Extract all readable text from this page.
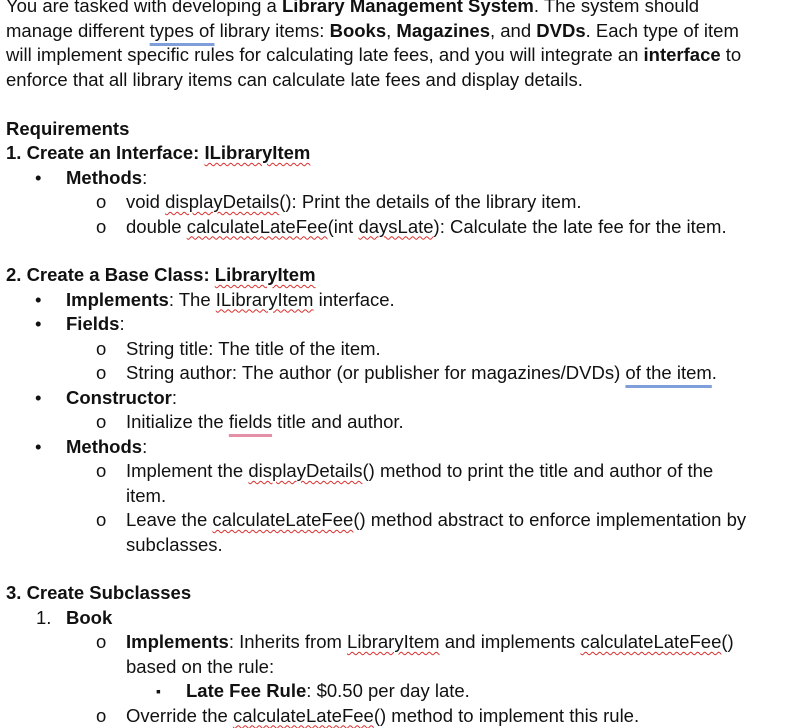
You are tasked with developing a Library Management System. The system should
manage different types of library items: Books, Magazines, and DVDs. Each type of item
will implement specific rules for calculating late fees, and you will integrate an interface to
enforce that all library items can calculate late fees and display details.
Requirements
1. Create an Interface: ILibraryItem
• Methods:
o void displayDetails(): Print the details of the library item.
o double calculateLateFee(int daysLate): Calculate the late fee for the item.
2. Create a Base Class: LibraryItem
• Implements: The ILibraryItem interface.
• Fields:
o String title: The title of the item.
o String author: The author (or publisher for magazines/DVDs) of the item.
• Constructor:
o Initialize the fields title and author.
• Methods:
o Implement the displayDetails() method to print the title and author of the
item.
o Leave the calculateLateFee() method abstract to enforce implementation by
subclasses.
3. Create Subclasses
1. Book
o Implements: Inherits from LibraryItem and implements calculateLateFee()
based on the rule:
▪ Late Fee Rule: $0.50 per day late.
o Override the calculateLateFee() method to implement this rule.
